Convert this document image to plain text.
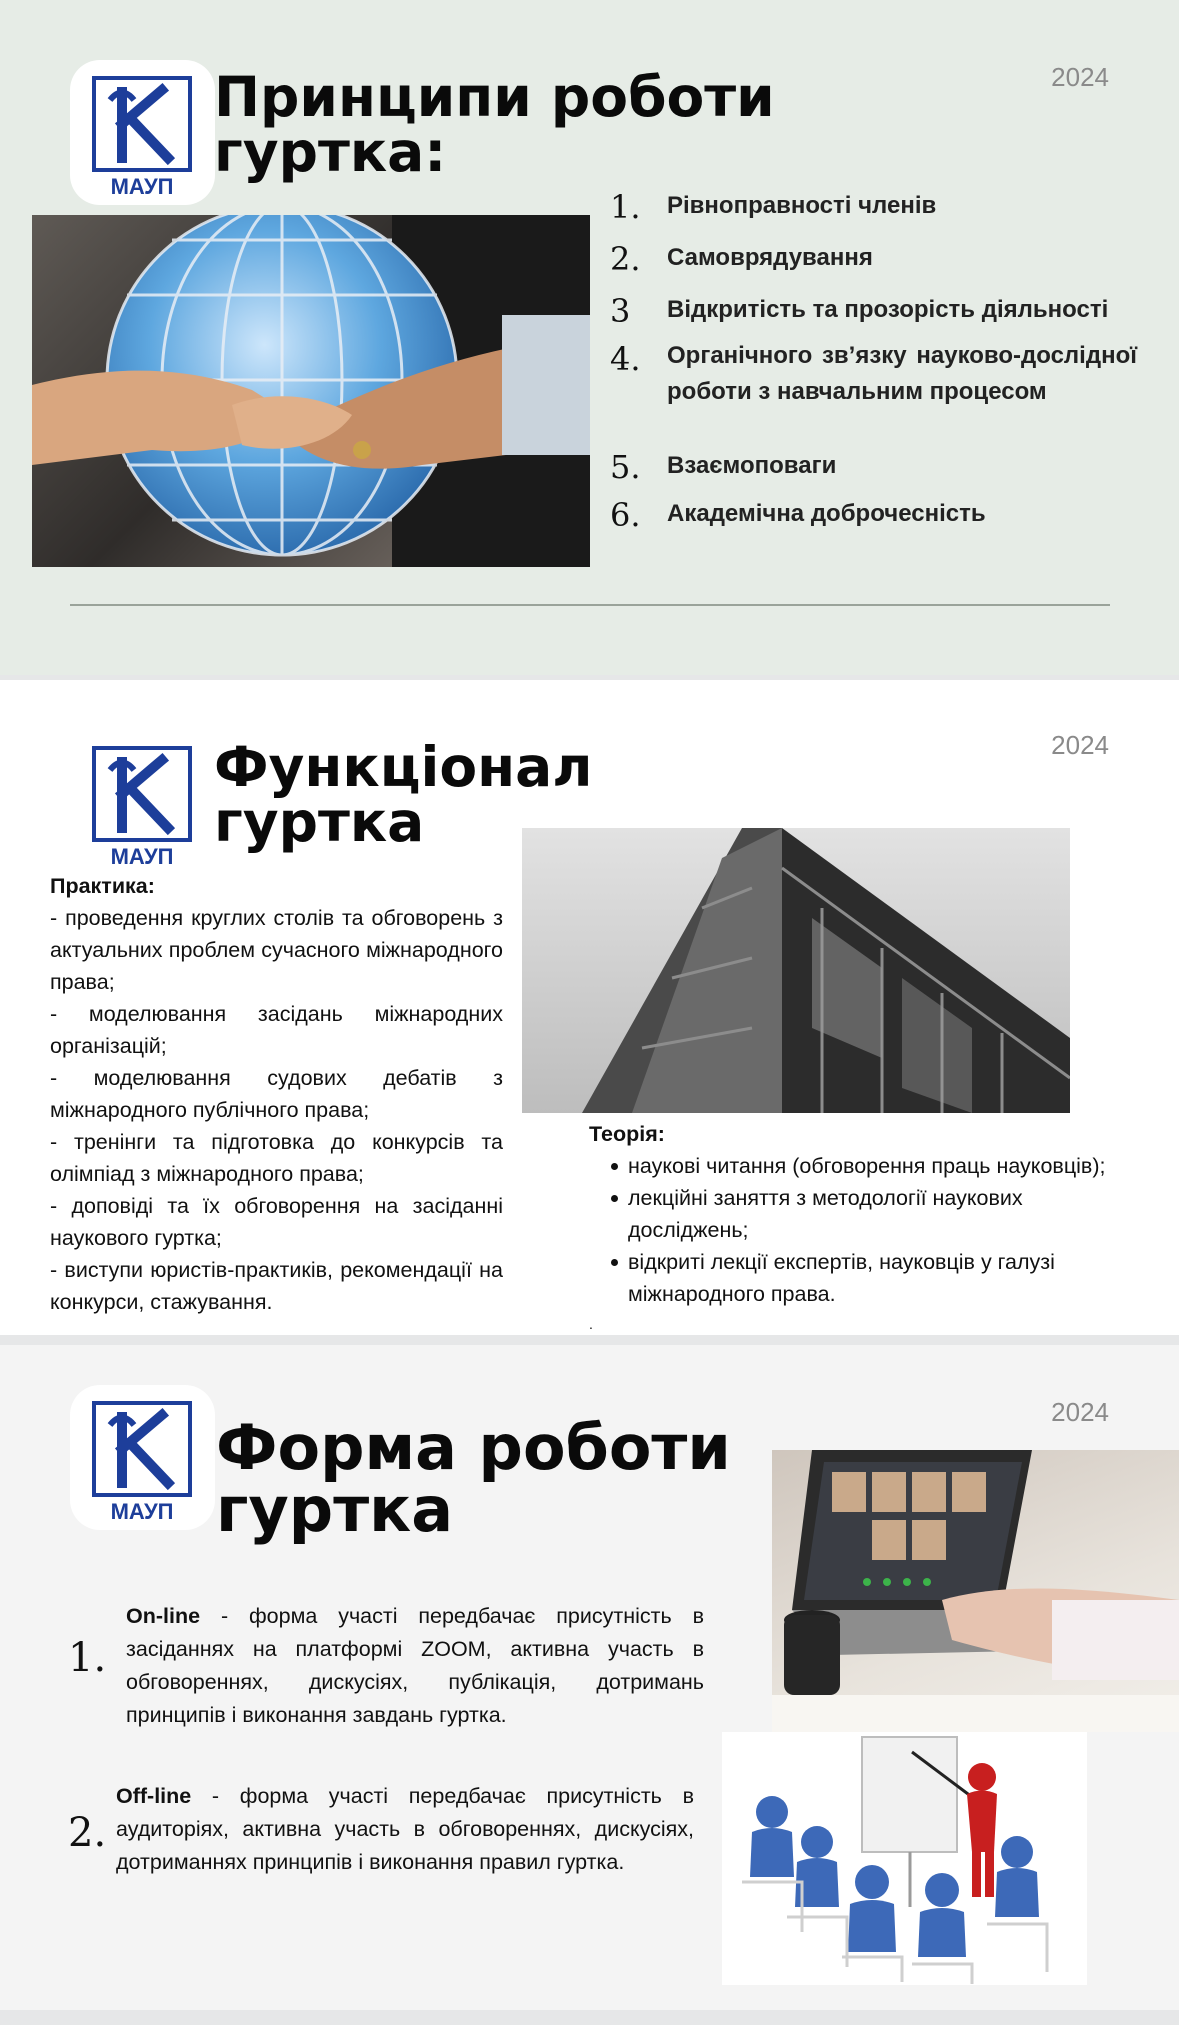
2024
МАУП
Принципи роботи
гуртка:
1. Рівноправності членів
2. Самоврядування
3 Відкритість та прозорість діяльності
4. Органічного зв’язку науково-дослідної роботи з навчальним процесом
5. Взаємоповаги
6. Академічна доброчесність
2024
МАУП
Функціонал
гуртка
Практика:
- проведення круглих столів та обговорень з актуальних проблем сучасного міжнародного права;
- моделювання засідань міжнародних організацій;
- моделювання судових дебатів з міжнародного публічного права;
- тренінги та підготовка до конкурсів та олімпіад з міжнародного права;
- доповіді та їх обговорення на засіданні наукового гуртка;
- виступи юристів-практиків, рекомендації на конкурси, стажування.
Теорія:
наукові читання (обговорення праць науковців);
лекційні заняття з методології наукових досліджень;
відкриті лекції експертів, науковців у галузі міжнародного права.
.
2024
МАУП
Форма роботи
гуртка
1.
On-line - форма участі передбачає присутність в засіданнях на платформі ZOOM, активна участь в обговореннях, дискусіях, публікація, дотримань принципів і виконання завдань гуртка.
2.
Off-line - форма участі передбачає присутність в аудиторіях, активна участь в обговореннях, дискусіях, дотриманнях принципів і виконання правил гуртка.
